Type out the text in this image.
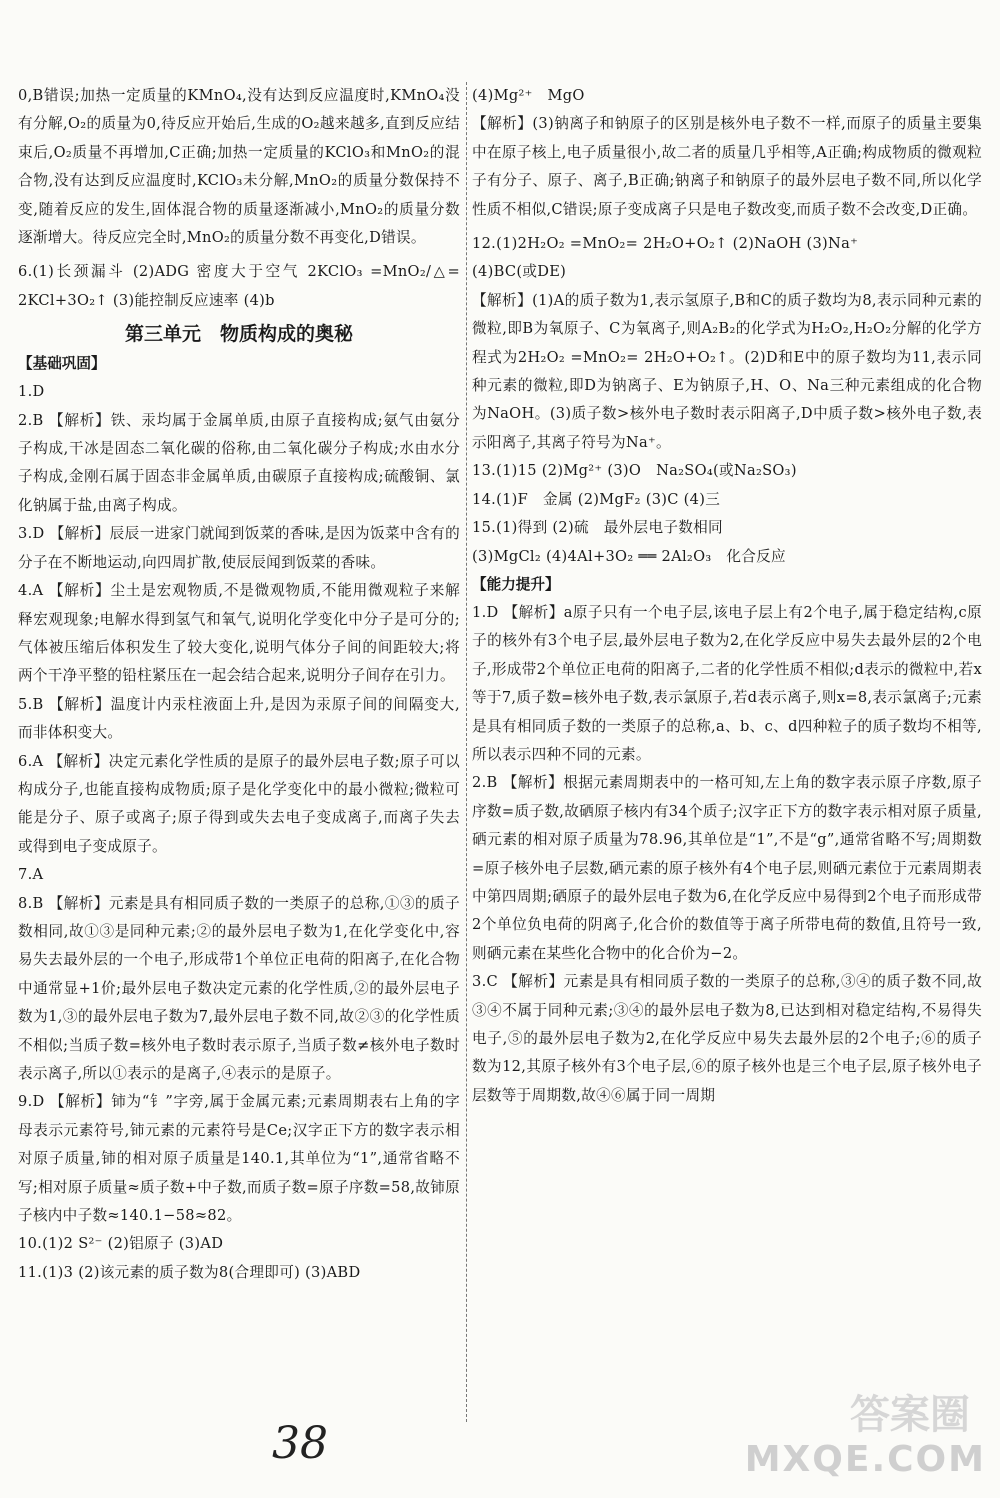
0,B错误;加热一定质量的KMnO₄,没有达到反应温度时,KMnO₄没有分解,O₂的质量为0,待反应开始后,生成的O₂越来越多,直到反应结束后,O₂质量不再增加,C正确;加热一定质量的KClO₃和MnO₂的混合物,没有达到反应温度时,KClO₃未分解,MnO₂的质量分数保持不变,随着反应的发生,固体混合物的质量逐渐减小,MnO₂的质量分数逐渐增大。待反应完全时,MnO₂的质量分数不再变化,D错误。

6.(1)长颈漏斗 (2)ADG 密度大于空气 2KClO₃ =MnO₂/△= 2KCl+3O₂↑ (3)能控制反应速率 (4)b

第三单元　物质构成的奥秘
【基础巩固】

1.D

2.B 【解析】铁、汞均属于金属单质,由原子直接构成;氨气由氨分子构成,干冰是固态二氧化碳的俗称,由二氧化碳分子构成;水由水分子构成,金刚石属于固态非金属单质,由碳原子直接构成;硫酸铜、氯化钠属于盐,由离子构成。

3.D 【解析】辰辰一进家门就闻到饭菜的香味,是因为饭菜中含有的分子在不断地运动,向四周扩散,使辰辰闻到饭菜的香味。

4.A 【解析】尘土是宏观物质,不是微观物质,不能用微观粒子来解释宏观现象;电解水得到氢气和氧气,说明化学变化中分子是可分的;气体被压缩后体积发生了较大变化,说明气体分子间的间距较大;将两个干净平整的铅柱紧压在一起会结合起来,说明分子间存在引力。

5.B 【解析】温度计内汞柱液面上升,是因为汞原子间的间隔变大,而非体积变大。

6.A 【解析】决定元素化学性质的是原子的最外层电子数;原子可以构成分子,也能直接构成物质;原子是化学变化中的最小微粒;微粒可能是分子、原子或离子;原子得到或失去电子变成离子,而离子失去或得到电子变成原子。

7.A

8.B 【解析】元素是具有相同质子数的一类原子的总称,①③的质子数相同,故①③是同种元素;②的最外层电子数为1,在化学变化中,容易失去最外层的一个电子,形成带1个单位正电荷的阳离子,在化合物中通常显+1价;最外层电子数决定元素的化学性质,②的最外层电子数为1,③的最外层电子数为7,最外层电子数不同,故②③的化学性质不相似;当质子数=核外电子数时表示原子,当质子数≠核外电子数时表示离子,所以①表示的是离子,④表示的是原子。

9.D 【解析】铈为“钅”字旁,属于金属元素;元素周期表右上角的字母表示元素符号,铈元素的元素符号是Ce;汉字正下方的数字表示相对原子质量,铈的相对原子质量是140.1,其单位为“1”,通常省略不写;相对原子质量≈质子数+中子数,而质子数=原子序数=58,故铈原子核内中子数≈140.1−58≈82。

10.(1)2 S²⁻ (2)铝原子 (3)AD

11.(1)3 (2)该元素的质子数为8(合理即可) (3)ABD

(4)Mg²⁺　MgO

【解析】(3)钠离子和钠原子的区别是核外电子数不一样,而原子的质量主要集中在原子核上,电子质量很小,故二者的质量几乎相等,A正确;构成物质的微观粒子有分子、原子、离子,B正确;钠离子和钠原子的最外层电子数不同,所以化学性质不相似,C错误;原子变成离子只是电子数改变,而质子数不会改变,D正确。

12.(1)2H₂O₂ =MnO₂= 2H₂O+O₂↑ (2)NaOH (3)Na⁺

(4)BC(或DE)

【解析】(1)A的质子数为1,表示氢原子,B和C的质子数均为8,表示同种元素的微粒,即B为氧原子、C为氧离子,则A₂B₂的化学式为H₂O₂,H₂O₂分解的化学方程式为2H₂O₂ =MnO₂= 2H₂O+O₂↑。(2)D和E中的原子数均为11,表示同种元素的微粒,即D为钠离子、E为钠原子,H、O、Na三种元素组成的化合物为NaOH。(3)质子数>核外电子数时表示阳离子,D中质子数>核外电子数,表示阳离子,其离子符号为Na⁺。

13.(1)15 (2)Mg²⁺ (3)O　Na₂SO₄(或Na₂SO₃)

14.(1)F　金属 (2)MgF₂ (3)C (4)三

15.(1)得到 (2)硫　最外层电子数相同

(3)MgCl₂ (4)4Al+3O₂ ══ 2Al₂O₃　化合反应

【能力提升】

1.D 【解析】a原子只有一个电子层,该电子层上有2个电子,属于稳定结构,c原子的核外有3个电子层,最外层电子数为2,在化学反应中易失去最外层的2个电子,形成带2个单位正电荷的阳离子,二者的化学性质不相似;d表示的微粒中,若x等于7,质子数=核外电子数,表示氯原子,若d表示离子,则x=8,表示氯离子;元素是具有相同质子数的一类原子的总称,a、b、c、d四种粒子的质子数均不相等,所以表示四种不同的元素。

2.B 【解析】根据元素周期表中的一格可知,左上角的数字表示原子序数,原子序数=质子数,故硒原子核内有34个质子;汉字正下方的数字表示相对原子质量,硒元素的相对原子质量为78.96,其单位是“1”,不是“g”,通常省略不写;周期数=原子核外电子层数,硒元素的原子核外有4个电子层,则硒元素位于元素周期表中第四周期;硒原子的最外层电子数为6,在化学反应中易得到2个电子而形成带2个单位负电荷的阴离子,化合价的数值等于离子所带电荷的数值,且符号一致,则硒元素在某些化合物中的化合价为−2。

3.C 【解析】元素是具有相同质子数的一类原子的总称,③④的质子数不同,故③④不属于同种元素;③④的最外层电子数为8,已达到相对稳定结构,不易得失电子,⑤的最外层电子数为2,在化学反应中易失去最外层的2个电子;⑥的质子数为12,其原子核外有3个电子层,⑥的原子核外也是三个电子层,原子核外电子层数等于周期数,故④⑥属于同一周期

38
答案圈
MXQE.COM
